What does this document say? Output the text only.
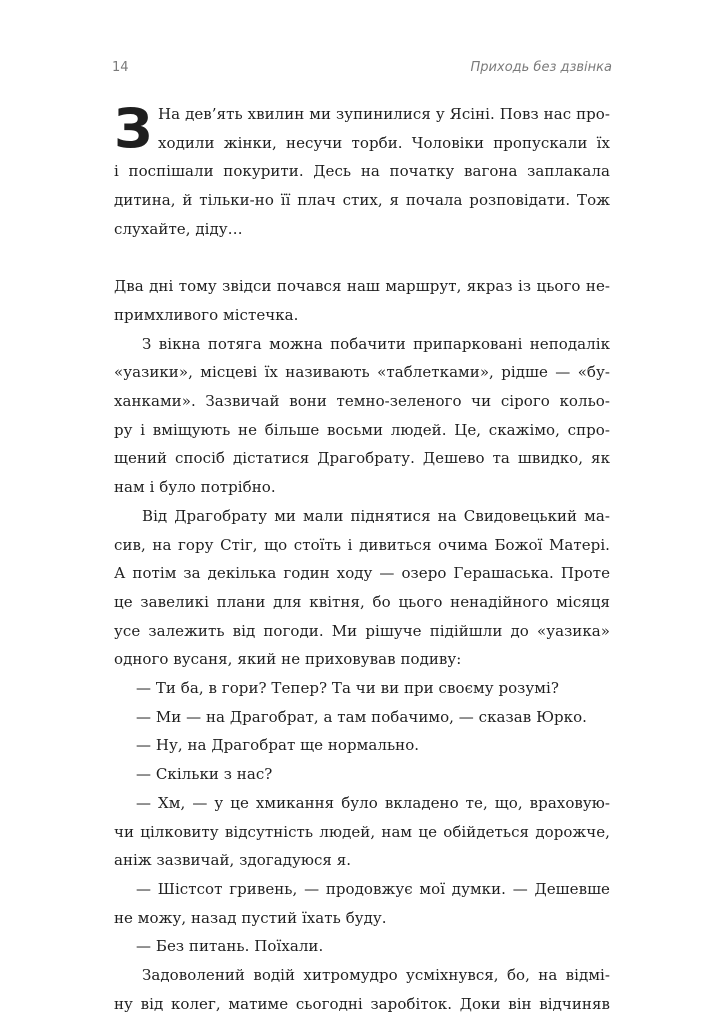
14	Приходь без дзвінка
З На дев’ять хвилин ми зупинилися у Ясіні. Повз нас про-
ходили жінки, несучи торби. Чоловіки пропускали їх
і поспішали покурити. Десь на початку вагона заплакала
дитина, й тільки-но її плач стих, я почала розповідати. Тож
слухайте, діду…
Два дні тому звідси почався наш маршрут, якраз із цього не-
примхливого містечка.
З вікна потяга можна побачити припарковані неподалік
«уазики», місцеві їх називають «таблетками», рідше — «бу-
ханками». Зазвичай вони темно-зеленого чи сірого кольо-
ру і вміщують не більше восьми людей. Це, скажімо, спро-
щений спосіб дістатися Драгобрату. Дешево та швидко, як
нам і було потрібно.
Від Драгобрату ми мали піднятися на Свидовецький ма-
сив, на гору Стіг, що стоїть і дивиться очима Божої Матері.
А потім за декілька годин ходу — озеро Герашаська. Проте
це завеликі плани для квітня, бо цього ненадійного місяця
усе залежить від погоди. Ми рішуче підійшли до «уазика»
одного вусаня, який не приховував подиву:
— Ти ба, в гори? Тепер? Та чи ви при своєму розумі?
— Ми — на Драгобрат, а там побачимо, — сказав Юрко.
— Ну, на Драгобрат ще нормально.
— Скільки з нас?
— Хм, — у це хмикання було вкладено те, що, враховую-
чи цілковиту відсутність людей, нам це обійдеться дорожче,
аніж зазвичай, здогадуюся я.
— Шістсот гривень, — продовжує мої думки. — Дешевше
не можу, назад пустий їхать буду.
— Без питань. Поїхали.
Задоволений водій хитромудро усміхнувся, бо, на відмі-
ну від колег, матиме сьогодні заробіток. Доки він відчиняв
